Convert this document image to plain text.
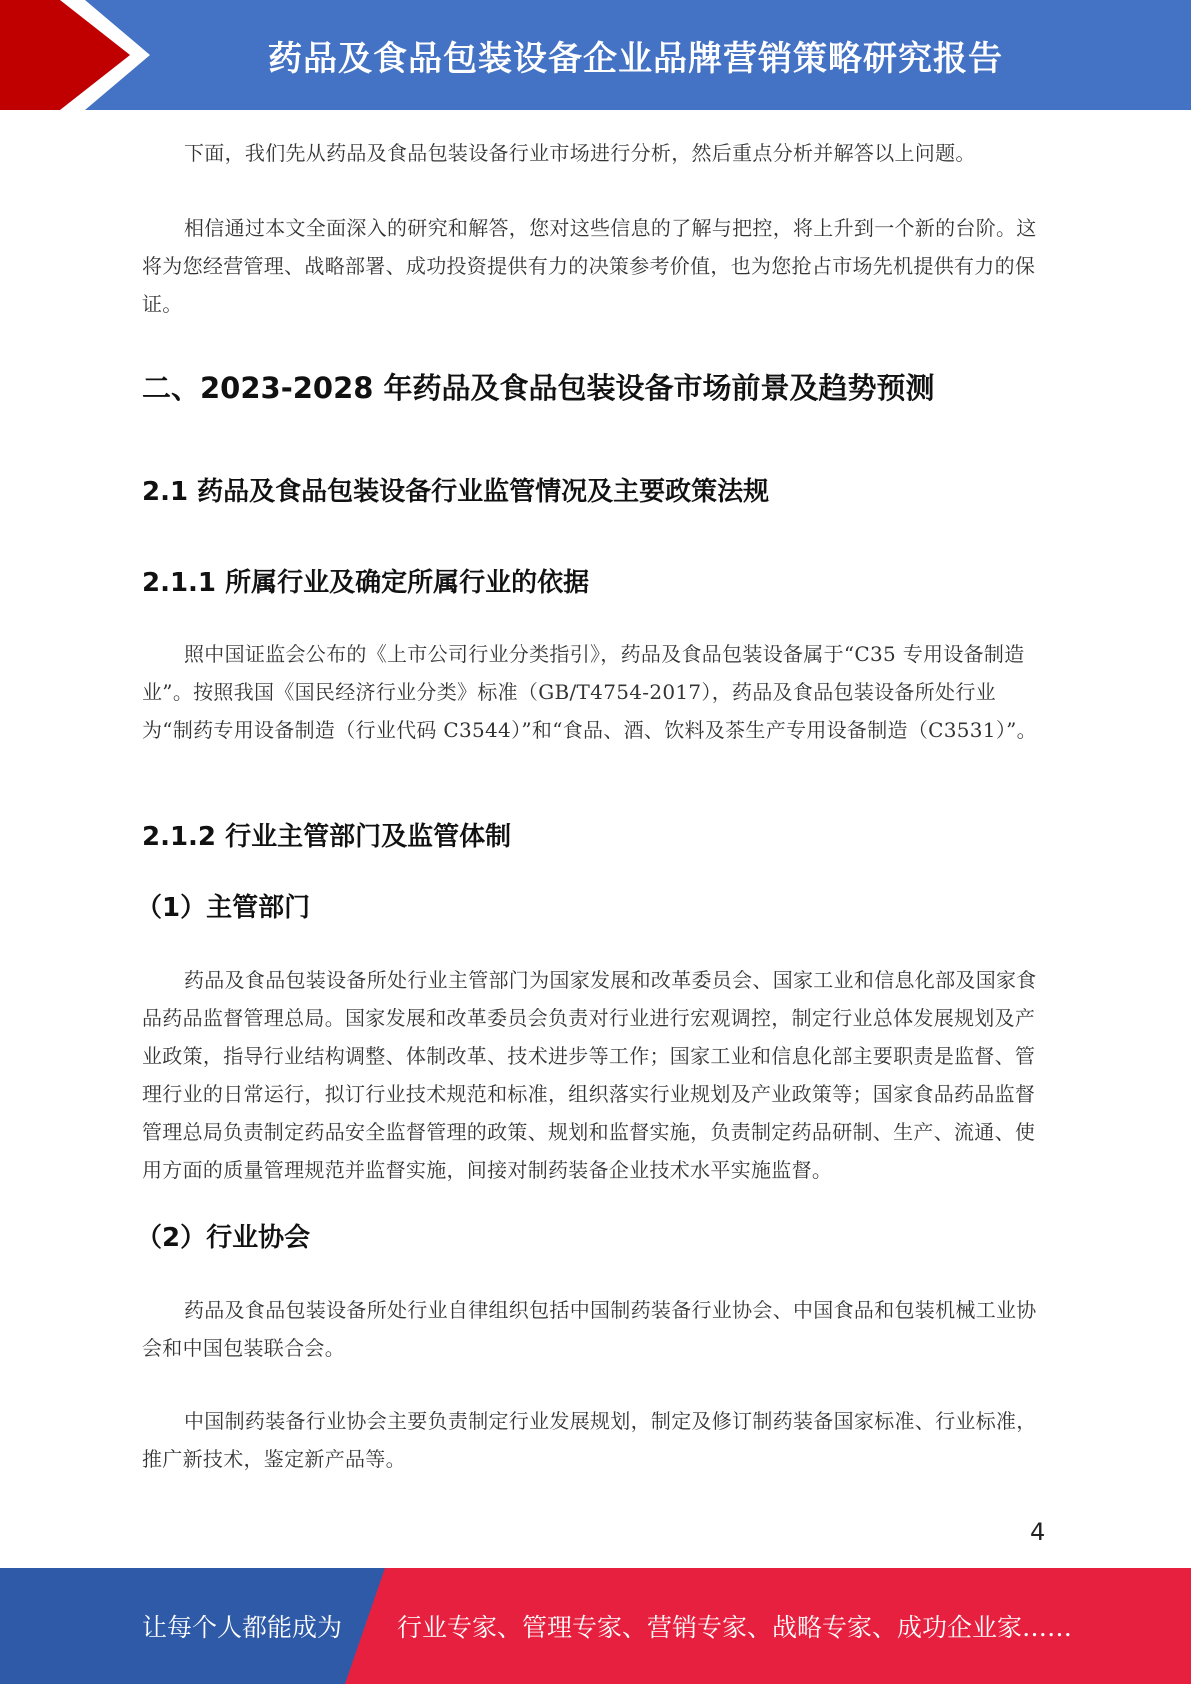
药品及食品包装设备企业品牌营销策略研究报告

下面，我们先从药品及食品包装设备行业市场进行分析，然后重点分析并解答以上问题。

相信通过本文全面深入的研究和解答，您对这些信息的了解与把控，将上升到一个新的台阶。这将为您经营管理、战略部署、成功投资提供有力的决策参考价值，也为您抢占市场先机提供有力的保证。

二、2023-2028 年药品及食品包装设备市场前景及趋势预测
2.1 药品及食品包装设备行业监管情况及主要政策法规
2.1.1 所属行业及确定所属行业的依据

照中国证监会公布的《上市公司行业分类指引》，药品及食品包装设备属于“C35 专用设备制造业”。按照我国《国民经济行业分类》标准（GB/T4754-2017），药品及食品包装设备所处行业为“制药专用设备制造（行业代码 C3544）”和“食品、酒、饮料及茶生产专用设备制造（C3531）”。

2.1.2 行业主管部门及监管体制
（1）主管部门

药品及食品包装设备所处行业主管部门为国家发展和改革委员会、国家工业和信息化部及国家食品药品监督管理总局。国家发展和改革委员会负责对行业进行宏观调控，制定行业总体发展规划及产业政策，指导行业结构调整、体制改革、技术进步等工作；国家工业和信息化部主要职责是监督、管理行业的日常运行，拟订行业技术规范和标准，组织落实行业规划及产业政策等；国家食品药品监督管理总局负责制定药品安全监督管理的政策、规划和监督实施，负责制定药品研制、生产、流通、使用方面的质量管理规范并监督实施，间接对制药装备企业技术水平实施监督。

（2）行业协会

药品及食品包装设备所处行业自律组织包括中国制药装备行业协会、中国食品和包装机械工业协会和中国包装联合会。

中国制药装备行业协会主要负责制定行业发展规划，制定及修订制药装备国家标准、行业标准，推广新技术，鉴定新产品等。

4
让每个人都能成为 行业专家、管理专家、营销专家、战略专家、成功企业家……
